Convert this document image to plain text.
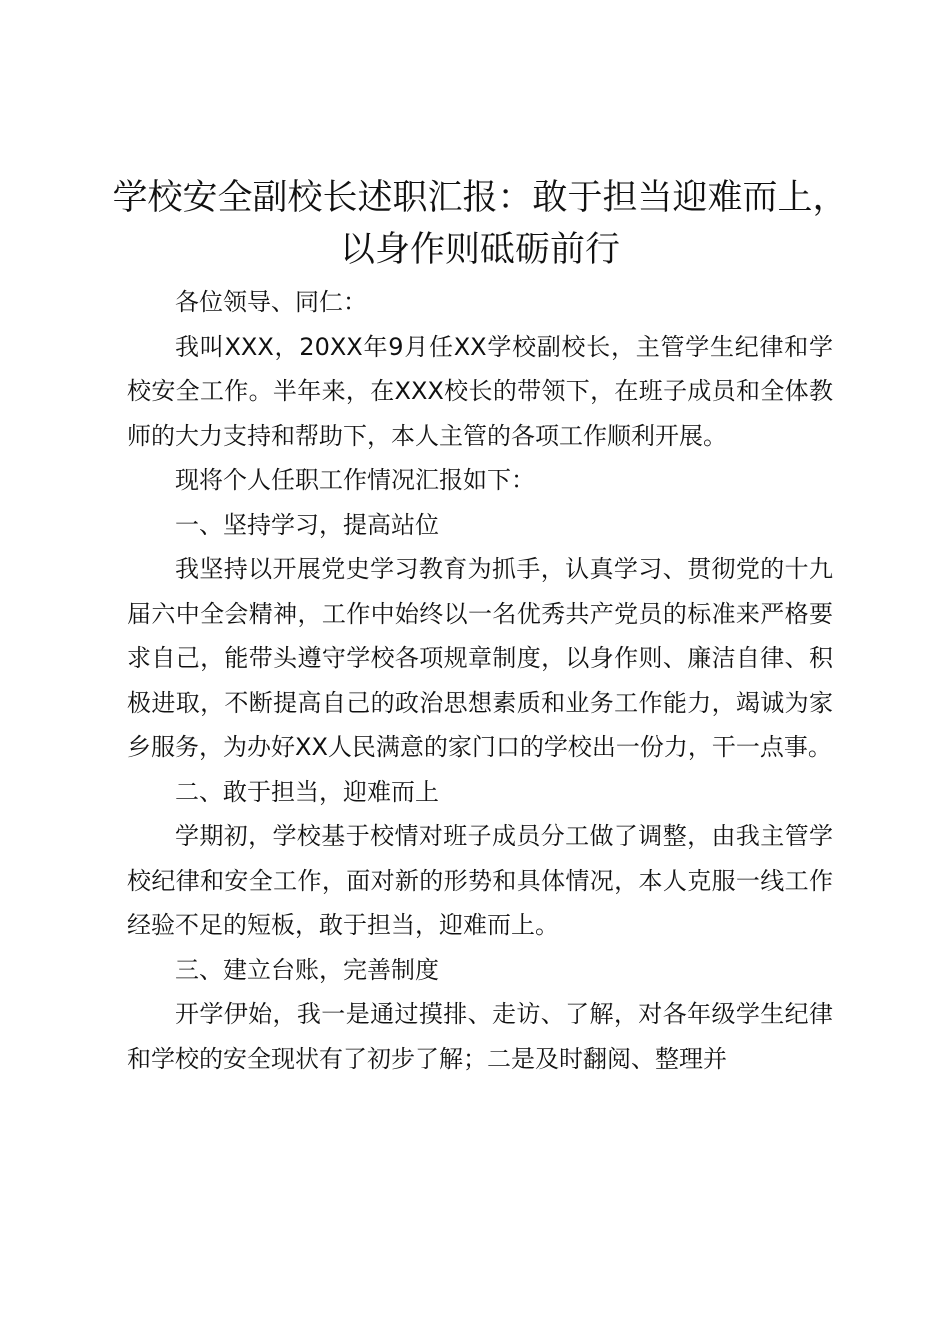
学校安全副校长述职汇报：敢于担当迎难而上，
以身作则砥砺前行

各位领导、同仁：

我叫XXX，20XX年9月任XX学校副校长，主管学生纪律和学校安全工作。半年来，在XXX校长的带领下，在班子成员和全体教师的大力支持和帮助下，本人主管的各项工作顺利开展。

现将个人任职工作情况汇报如下：

一、坚持学习，提高站位

我坚持以开展党史学习教育为抓手，认真学习、贯彻党的十九届六中全会精神，工作中始终以一名优秀共产党员的标准来严格要求自己，能带头遵守学校各项规章制度，以身作则、廉洁自律、积极进取，不断提高自己的政治思想素质和业务工作能力，竭诚为家乡服务，为办好XX人民满意的家门口的学校出一份力，干一点事。

二、敢于担当，迎难而上

学期初，学校基于校情对班子成员分工做了调整，由我主管学校纪律和安全工作，面对新的形势和具体情况，本人克服一线工作经验不足的短板，敢于担当，迎难而上。

三、建立台账，完善制度

开学伊始，我一是通过摸排、走访、了解，对各年级学生纪律和学校的安全现状有了初步了解；二是及时翻阅、整理并
